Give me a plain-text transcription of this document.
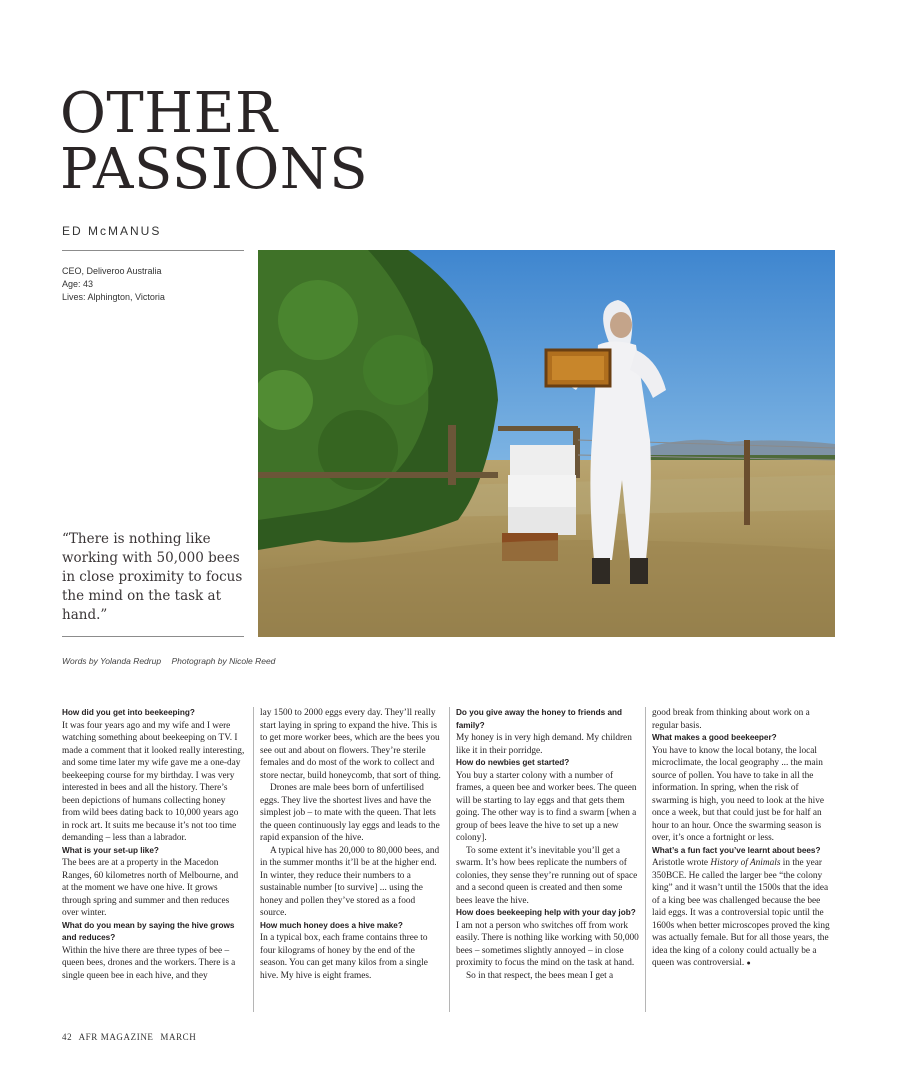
OTHER
PASSIONS
ED McMANUS
CEO, Deliveroo Australia
Age: 43
Lives: Alphington, Victoria
“There is nothing like working with 50,000 bees in close proximity to focus the mind on the task at hand.”
Words by Yolanda Redrup Photograph by Nicole Reed
How did you get into beekeeping?

It was four years ago and my wife and I were watching something about beekeeping on TV. I made a comment that it looked really interesting, and some time later my wife gave me a one-day beekeeping course for my birthday. I was very interested in bees and all the history. There’s been depictions of humans collecting honey from wild bees dating back to 10,000 years ago in rock art. It suits me because it’s not too time demanding – less than a labrador.

What is your set-up like?

The bees are at a property in the Macedon Ranges, 60 kilometres north of Melbourne, and at the moment we have one hive. It grows through spring and summer and then reduces over winter.

What do you mean by saying the hive grows and reduces?

Within the hive there are three types of bee – queen bees, drones and the workers. There is a single queen bee in each hive, and they

lay 1500 to 2000 eggs every day. They’ll really start laying in spring to expand the hive. This is to get more worker bees, which are the bees you see out and about on flowers. They’re sterile females and do most of the work to collect and store nectar, build honeycomb, that sort of thing.

Drones are male bees born of unfertilised eggs. They live the shortest lives and have the simplest job – to mate with the queen. That lets the queen continuously lay eggs and leads to the rapid expansion of the hive.

A typical hive has 20,000 to 80,000 bees, and in the summer months it’ll be at the higher end. In winter, they reduce their numbers to a sustainable number [to survive] ... using the honey and pollen they’ve stored as a food source.

How much honey does a hive make?

In a typical box, each frame contains three to four kilograms of honey by the end of the season. You can get many kilos from a single hive. My hive is eight frames.

Do you give away the honey to friends and family?

My honey is in very high demand. My children like it in their porridge.

How do newbies get started?

You buy a starter colony with a number of frames, a queen bee and worker bees. The queen will be starting to lay eggs and that gets them going. The other way is to find a swarm [when a group of bees leave the hive to set up a new colony].

To some extent it’s inevitable you’ll get a swarm. It’s how bees replicate the numbers of colonies, they sense they’re running out of space and a second queen is created and then some bees leave the hive.

How does beekeeping help with your day job?

I am not a person who switches off from work easily. There is nothing like working with 50,000 bees – sometimes slightly annoyed – in close proximity to focus the mind on the task at hand.

So in that respect, the bees mean I get a

good break from thinking about work on a regular basis.

What makes a good beekeeper?

You have to know the local botany, the local microclimate, the local geography ... the main source of pollen. You have to take in all the information. In spring, when the risk of swarming is high, you need to look at the hive once a week, but that could just be for half an hour to an hour. Once the swarming season is over, it’s once a fortnight or less.

What’s a fun fact you’ve learnt about bees?

Aristotle wrote History of Animals in the year 350BCE. He called the larger bee “the colony king” and it wasn’t until the 1500s that the idea of a king bee was challenged because the bee laid eggs. It was a controversial topic until the 1600s when better microscopes proved the king was actually female. But for all those years, the idea the king of a colony could actually be a queen was controversial. ●

42 AFR MAGAZINE MARCH
